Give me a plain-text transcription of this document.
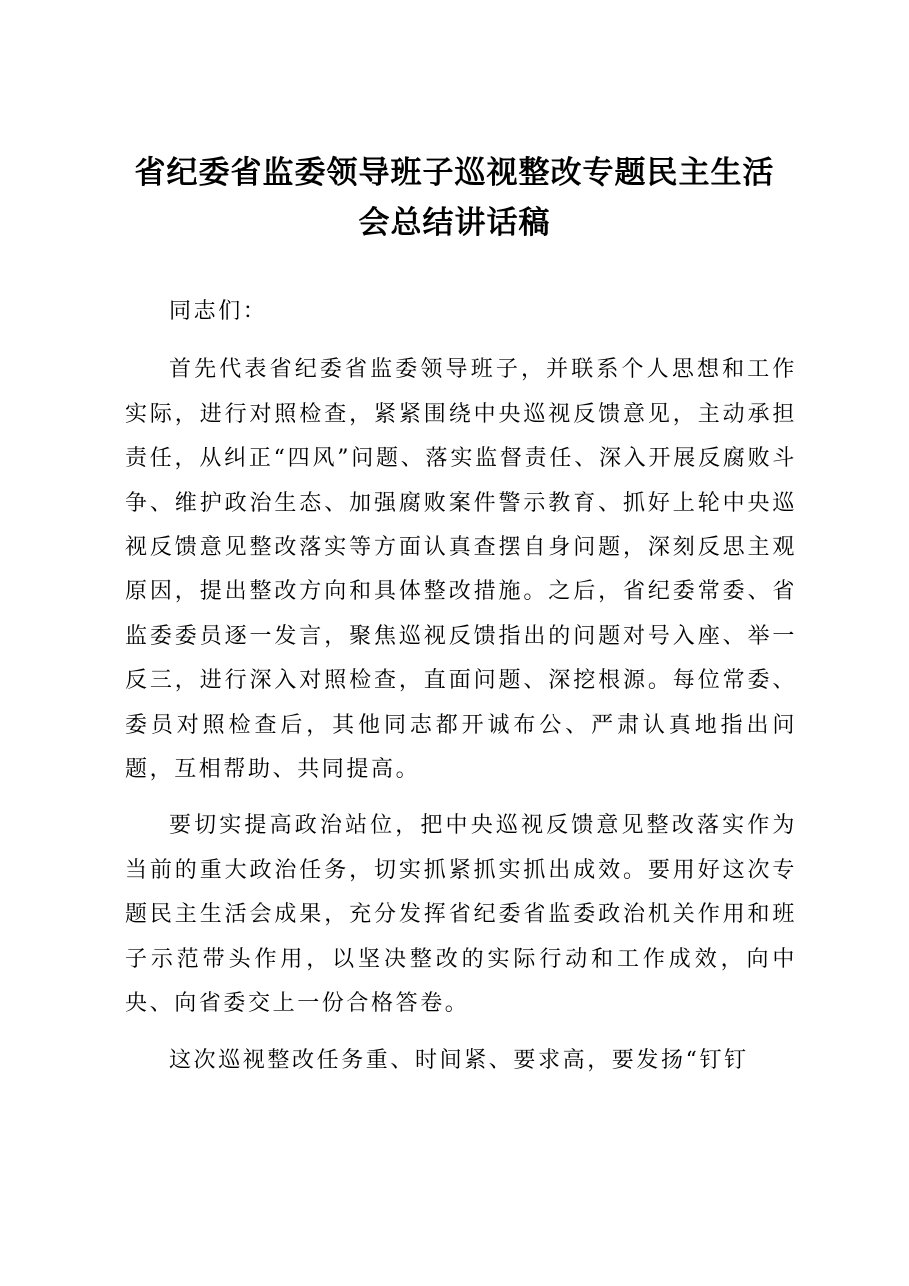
省纪委省监委领导班子巡视整改专题民主生活
会总结讲话稿

同志们：

首先代表省纪委省监委领导班子，并联系个人思想和工作实际，进行对照检查，紧紧围绕中央巡视反馈意见，主动承担责任，从纠正“四风”问题、落实监督责任、深入开展反腐败斗争、维护政治生态、加强腐败案件警示教育、抓好上轮中央巡视反馈意见整改落实等方面认真查摆自身问题，深刻反思主观原因，提出整改方向和具体整改措施。之后，省纪委常委、省监委委员逐一发言，聚焦巡视反馈指出的问题对号入座、举一反三，进行深入对照检查，直面问题、深挖根源。每位常委、委员对照检查后，其他同志都开诚布公、严肃认真地指出问题，互相帮助、共同提高。

要切实提高政治站位，把中央巡视反馈意见整改落实作为当前的重大政治任务，切实抓紧抓实抓出成效。要用好这次专题民主生活会成果，充分发挥省纪委省监委政治机关作用和班子示范带头作用，以坚决整改的实际行动和工作成效，向中央、向省委交上一份合格答卷。

这次巡视整改任务重、时间紧、要求高，要发扬“钉钉
